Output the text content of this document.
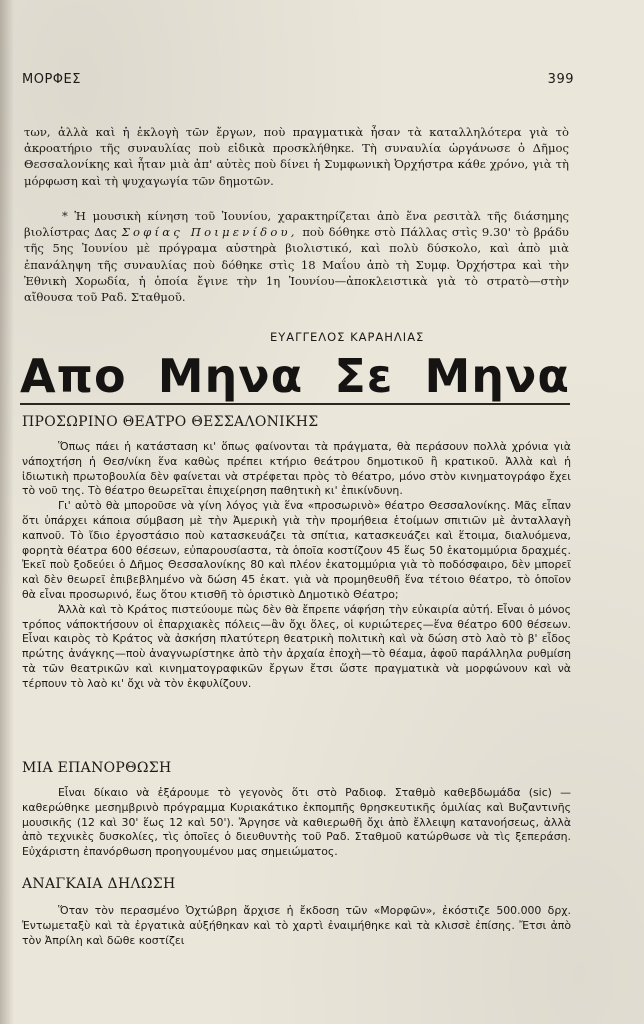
ΜΟΡΦΕΣ	399

των, ἀλλὰ καὶ ἡ ἐκλογὴ τῶν ἔργων, ποὺ πραγματικὰ ἦσαν τὰ καταλληλότερα γιὰ τὸ ἀκροατήριο τῆς συναυλίας ποὺ εἰδικὰ προσκλήθηκε. Τὴ συναυλία ὠργάνωσε ὁ Δῆμος Θεσσαλονίκης καὶ ἦταν μιὰ ἀπ' αὐτὲς ποὺ δίνει ἡ Συμφωνικὴ Ὀρχήστρα κάθε χρόνο, γιὰ τὴ μόρφωση καὶ τὴ ψυχαγωγία τῶν δημοτῶν.

* Ἡ μουσικὴ κίνηση τοῦ Ἰουνίου, χαρακτηρίζεται ἀπὸ ἕνα ρεσιτὰλ τῆς διάσημης βιολίστρας Δας Σοφίας Ποιμενίδου, ποὺ δόθηκε στὸ Πάλλας στὶς 9.30' τὸ βράδυ τῆς 5ης Ἰουνίου μὲ πρόγραμα αὐστηρὰ βιολιστικό, καὶ πολὺ δύσκολο, καὶ ἀπὸ μιὰ ἐπανάληψη τῆς συναυλίας ποὺ δόθηκε στὶς 18 Μαΐου ἀπὸ τὴ Συμφ. Ὀρχήστρα καὶ τὴν Ἐθνικὴ Χορωδία, ἡ ὁποία ἔγινε τὴν 1η Ἰουνίου—ἀποκλειστικὰ γιὰ τὸ στρατὸ—στὴν αἴθουσα τοῦ Ραδ. Σταθμοῦ.

ΕΥΑΓΓΕΛΟΣ ΚΑΡΑΗΛΙΑΣ
Απο Μηνα Σε Μηνα
ΠΡΟΣΩΡΙΝΟ ΘΕΑΤΡΟ ΘΕΣΣΑΛΟΝΙΚΗΣ

Ὅπως πάει ἡ κατάσταση κι' ὅπως φαίνονται τὰ πράγματα, θὰ περάσουν πολλὰ χρόνια γιὰ νάποχτήση ἡ Θεσ/νίκη ἕνα καθὼς πρέπει κτήριο θεάτρου δημοτικοῦ ἢ κρατικοῦ. Ἀλλὰ καὶ ἡ ἰδιωτικὴ πρωτοβουλία δὲν φαίνεται νὰ στρέφεται πρὸς τὸ θέατρο, μόνο στὸν κινηματογράφο ἔχει τὸ νοῦ της. Τὸ θέατρο θεωρεῖται ἐπιχείρηση παθητικὴ κι' ἐπικίνδυνη.

Γι' αὐτὸ θὰ μποροῦσε νὰ γίνη λόγος γιὰ ἕνα «προσωρινὸ» θέατρο Θεσσαλονίκης. Μᾶς εἶπαν ὅτι ὑπάρχει κάποια σύμβαση μὲ τὴν Ἀμερικὴ γιὰ τὴν προμήθεια ἑτοίμων σπιτιῶν μὲ ἀνταλλαγὴ καπνοῦ. Τὸ ἴδιο ἐργοστάσιο ποὺ κατασκευάζει τὰ σπίτια, κατασκευάζει καὶ ἕτοιμα, διαλυόμενα, φορητὰ θέατρα 600 θέσεων, εὐπαρουσίαστα, τὰ ὁποῖα κοστίζουν 45 ἕως 50 ἑκατομμύρια δραχμές. Ἐκεῖ ποὺ ξοδεύει ὁ Δῆμος Θεσσαλονίκης 80 καὶ πλέον ἑκατομμύρια γιὰ τὸ ποδόσφαιρο, δὲν μπορεῖ καὶ δὲν θεωρεῖ ἐπιβεβλημένο νὰ δώση 45 ἑκατ. γιὰ νὰ προμηθευθῆ ἕνα τέτοιο θέατρο, τὸ ὁποῖον θὰ εἶναι προσωρινό, ἕως ὅτου κτισθῆ τὸ ὁριστικὸ Δημοτικὸ Θέατρο;

Ἀλλὰ καὶ τὸ Κράτος πιστεύουμε πὼς δὲν θὰ ἔπρεπε νάφήση τὴν εὐκαιρία αὐτή. Εἶναι ὁ μόνος τρόπος νάποκτήσουν οἱ ἐπαρχιακὲς πόλεις—ἂν ὄχι ὅλες, οἱ κυριώτερες—ἕνα θέατρο 600 θέσεων. Εἶναι καιρὸς τὸ Κράτος νὰ ἀσκήση πλατύτερη θεατρικὴ πολιτικὴ καὶ νὰ δώση στὸ λαὸ τὸ β' εἶδος πρώτης ἀνάγκης—ποὺ ἀναγνωρίστηκε ἀπὸ τὴν ἀρχαία ἐποχὴ—τὸ θέαμα, ἀφοῦ παράλληλα ρυθμίση τὰ τῶν θεατρικῶν καὶ κινηματογραφικῶν ἔργων ἔτσι ὥστε πραγματικὰ νὰ μορφώνουν καὶ νὰ τέρπουν τὸ λαὸ κι' ὄχι νὰ τὸν ἐκφυλίζουν.

ΜΙΑ ΕΠΑΝΟΡΘΩΣΗ

Εἶναι δίκαιο νὰ ἐξάρουμε τὸ γεγονὸς ὅτι στὸ Ραδιοφ. Σταθμὸ καθεβδωμάδα (sic) — καθερώθηκε μεσημβρινὸ πρόγραμμα Κυριακάτικο ἐκπομπῆς θρησκευτικῆς ὁμιλίας καὶ Βυζαντινῆς μουσικῆς (12 καὶ 30' ἕως 12 καὶ 50'). Ἄργησε νὰ καθιερωθῆ ὄχι ἀπὸ ἔλλειψη κατανοήσεως, ἀλλὰ ἀπὸ τεχνικὲς δυσκολίες, τὶς ὁποῖες ὁ διευθυντὴς τοῦ Ραδ. Σταθμοῦ κατώρθωσε νὰ τὶς ξεπεράση. Εὐχάριστη ἐπανόρθωση προηγουμένου μας σημειώματος.

ΑΝΑΓΚΑΙΑ ΔΗΛΩΣΗ

Ὅταν τὸν περασμένο Ὀχτώβρη ἄρχισε ἡ ἔκδοση τῶν «Μορφῶν», ἐκόστιζε 500.000 δρχ. Ἐντωμεταξὺ καὶ τὰ ἐργατικὰ αὐξήθηκαν καὶ τὸ χαρτὶ ἐναιμήθηκε καὶ τὰ κλισσὲ ἐπίσης. Ἔτσι ἀπὸ τὸν Ἀπρίλη καὶ δῶθε κοστίζει
